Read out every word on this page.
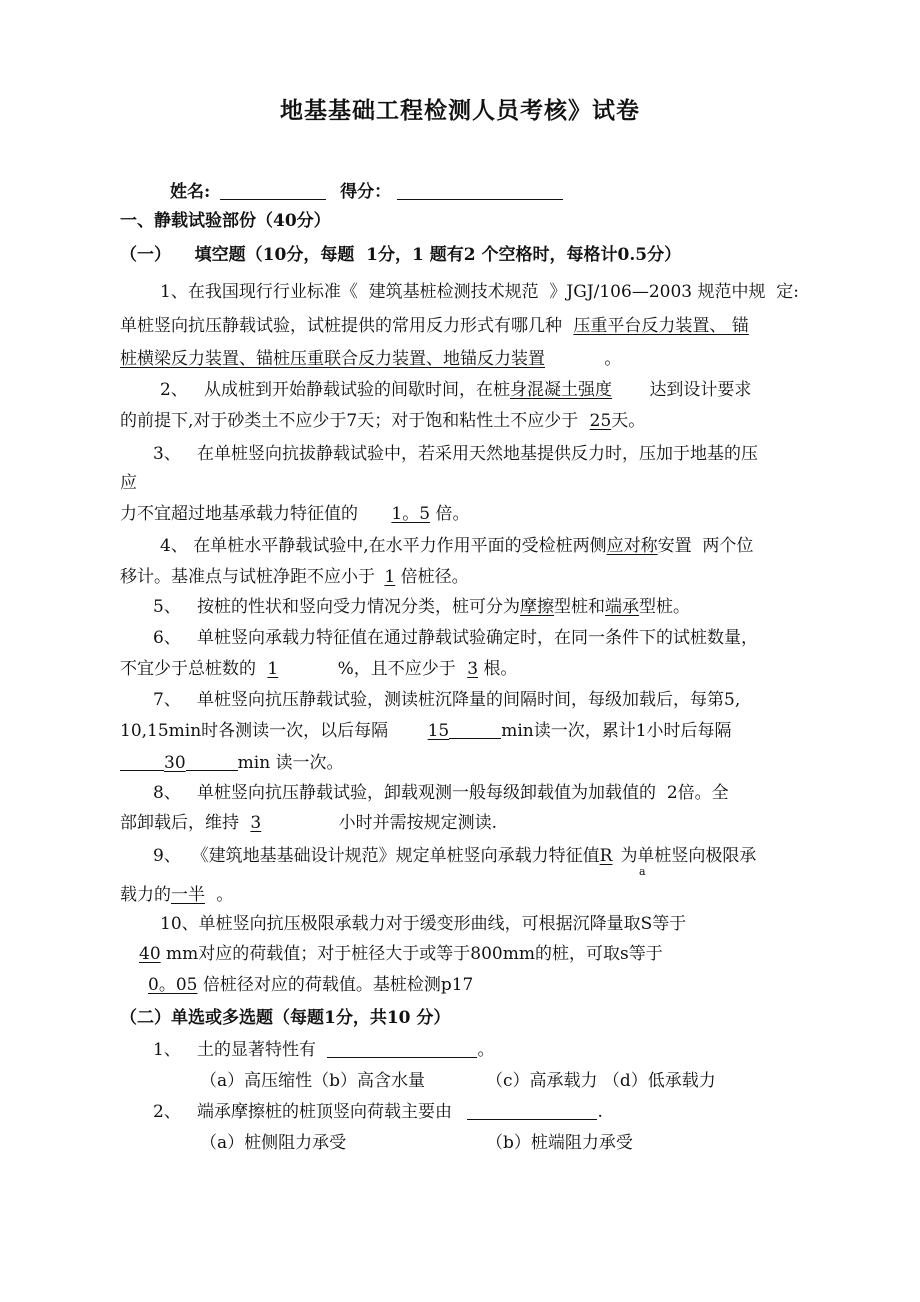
地基基础工程检测人员考核》试卷
姓名:	得分：
一、静载试验部份（40分）
（一）    填空题（10分，每题  1分，1 题有2 个空格时，每格计0.5分）
1、在我国现行行业标准《  建筑基桩检测技术规范  》JGJ/106—2003 规范中规  定:
单桩竖向抗压静载试验，试桩提供的常用反力形式有哪几种 压重平台反力装置、 锚
桩横梁反力装置、锚桩压重联合反力装置、地锚反力装置	。
2、   从成桩到开始静载试验的间歇时间，在桩身混凝土强度 达到设计要求
的前提下,对于砂类土不应少于7天；对于饱和粘性土不应少于 25天。
3、   在单桩竖向抗拔静载试验中，若采用天然地基提供反力时，压加于地基的压
应
力不宜超过地基承载力特征值的 1。5 倍。
4、 在单桩水平静载试验中,在水平力作用平面的受检桩两侧应对称安置  两个位
移计。基准点与试桩净距不应小于 1 倍桩径。
5、   按桩的性状和竖向受力情况分类，桩可分为摩擦型桩和端承型桩。
6、   单桩竖向承载力特征值在通过静载试验确定时，在同一条件下的试桩数量，
不宜少于总桩数的 1	%，且不应少于 3 根。
7、   单桩竖向抗压静载试验，测读桩沉降量的间隔时间，每级加载后，每第5,
10,15min时各测读一次，以后每隔 15	min读一次，累计1小时后每隔
30	min 读一次。
8、   单桩竖向抗压静载试验，卸载观测一般每级卸载值为加载值的  2倍。全
部卸载后，维持 3	小时并需按规定测读.
9、  《建筑地基基础设计规范》规定单桩竖向承载力特征值R 为单桩竖向极限承
a
载力的一半 。
10、单桩竖向抗压极限承载力对于缓变形曲线，可根据沉降量取S等于
40 mm对应的荷载值；对于桩径大于或等于800mm的桩，可取s等于
0。05 倍桩径对应的荷载值。基桩检测p17
（二）单选或多选题（每题1分，共10 分）
1、   土的显著特性有	。
（a）高压缩性（b）高含水量	（c）高承载力 （d）低承载力
2、   端承摩擦桩的桩顶竖向荷载主要由	.
（a）桩侧阻力承受	（b）桩端阻力承受
